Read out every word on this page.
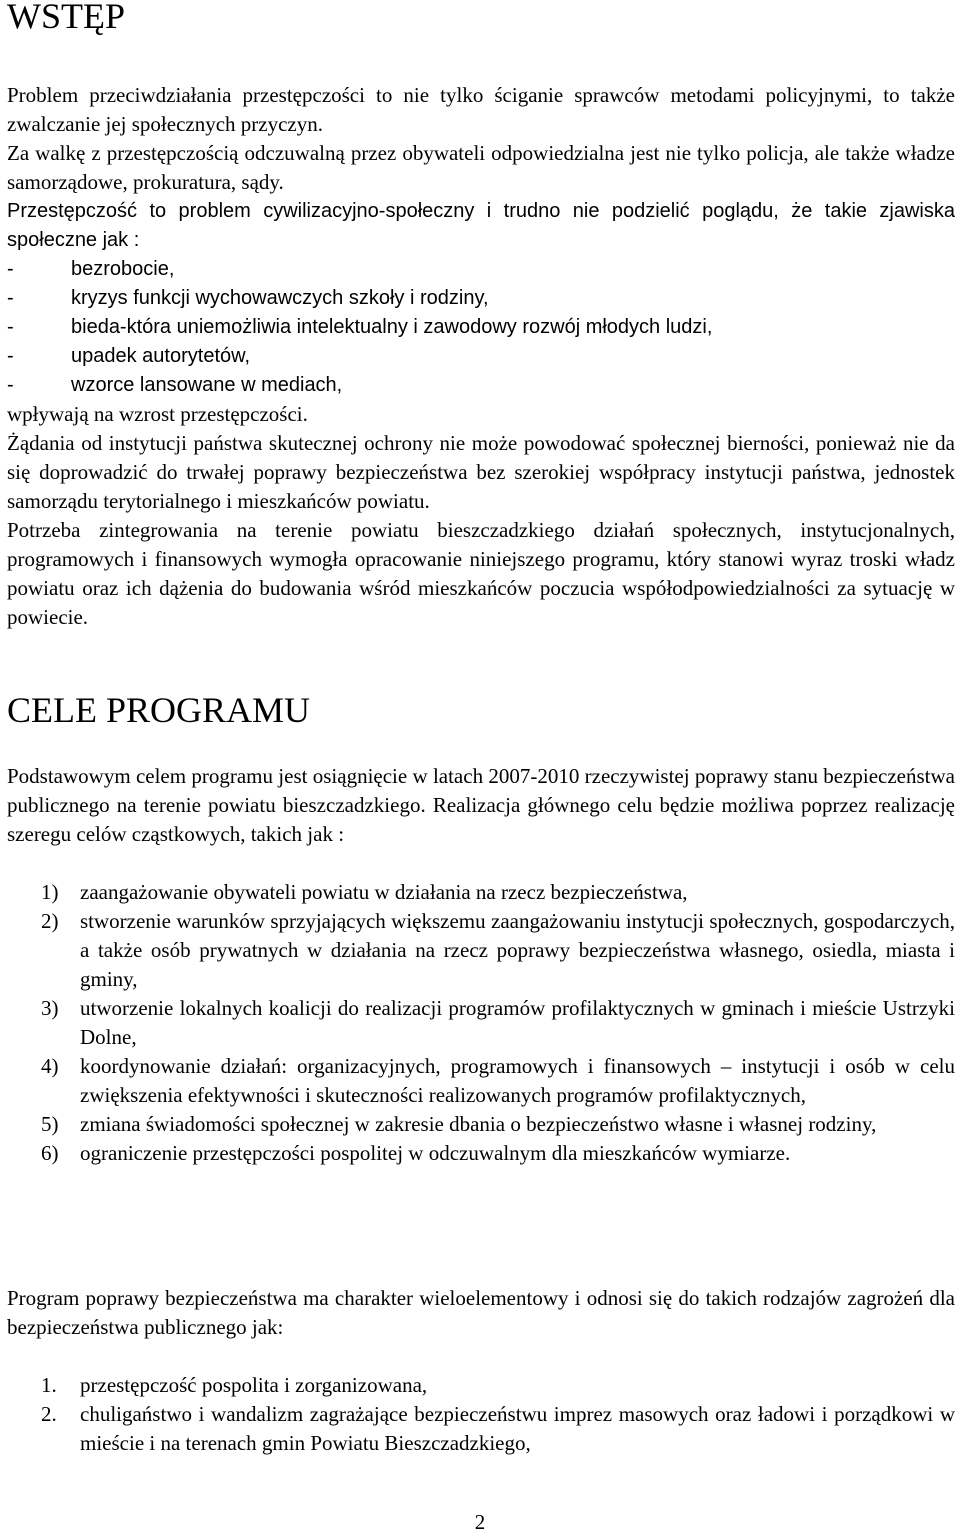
WSTĘP

Problem przeciwdziałania przestępczości to nie tylko ściganie sprawców metodami policyjnymi, to także zwalczanie jej społecznych przyczyn.

Za walkę z przestępczością odczuwalną przez obywateli odpowiedzialna jest nie tylko policja, ale także władze samorządowe, prokuratura, sądy.

Przestępczość to problem cywilizacyjno-społeczny i trudno nie podzielić poglądu, że takie zjawiska społeczne jak :

- bezrobocie,
- kryzys funkcji wychowawczych szkoły i rodziny,
- bieda-która uniemożliwia intelektualny i zawodowy rozwój młodych ludzi,
- upadek autorytetów,
- wzorce lansowane w mediach,

wpływają na wzrost przestępczości.

Żądania od instytucji państwa skutecznej ochrony nie może powodować społecznej bierności, ponieważ nie da się doprowadzić do trwałej poprawy bezpieczeństwa bez szerokiej współpracy instytucji państwa, jednostek samorządu terytorialnego i mieszkańców powiatu.

Potrzeba zintegrowania na terenie powiatu bieszczadzkiego działań społecznych, instytucjonalnych, programowych i finansowych wymogła opracowanie niniejszego programu, który stanowi wyraz troski władz powiatu oraz ich dążenia do budowania wśród mieszkańców poczucia współodpowiedzialności za sytuację w powiecie.

CELE PROGRAMU

Podstawowym celem programu jest osiągnięcie w latach 2007-2010 rzeczywistej poprawy stanu bezpieczeństwa publicznego na terenie powiatu bieszczadzkiego. Realizacja głównego celu będzie możliwa poprzez realizację szeregu celów cząstkowych, takich jak :

1) zaangażowanie obywateli powiatu w działania na rzecz bezpieczeństwa,
2) stworzenie warunków sprzyjających większemu zaangażowaniu instytucji społecznych, gospodarczych, a także osób prywatnych w działania na rzecz poprawy bezpieczeństwa własnego, osiedla, miasta i gminy,
3) utworzenie lokalnych koalicji do realizacji programów profilaktycznych w gminach i mieście Ustrzyki Dolne,
4) koordynowanie działań: organizacyjnych, programowych i finansowych – instytucji i osób w celu zwiększenia efektywności i skuteczności realizowanych programów profilaktycznych,
5) zmiana świadomości społecznej w zakresie dbania o bezpieczeństwo własne i własnej rodziny,
6) ograniczenie przestępczości pospolitej w odczuwalnym dla mieszkańców wymiarze.

Program poprawy bezpieczeństwa ma charakter wieloelementowy i odnosi się do takich rodzajów zagrożeń dla bezpieczeństwa publicznego jak:

1. przestępczość pospolita i zorganizowana,
2. chuligaństwo i wandalizm zagrażające bezpieczeństwu imprez masowych oraz ładowi i porządkowi w mieście i na terenach gmin Powiatu Bieszczadzkiego,
2
